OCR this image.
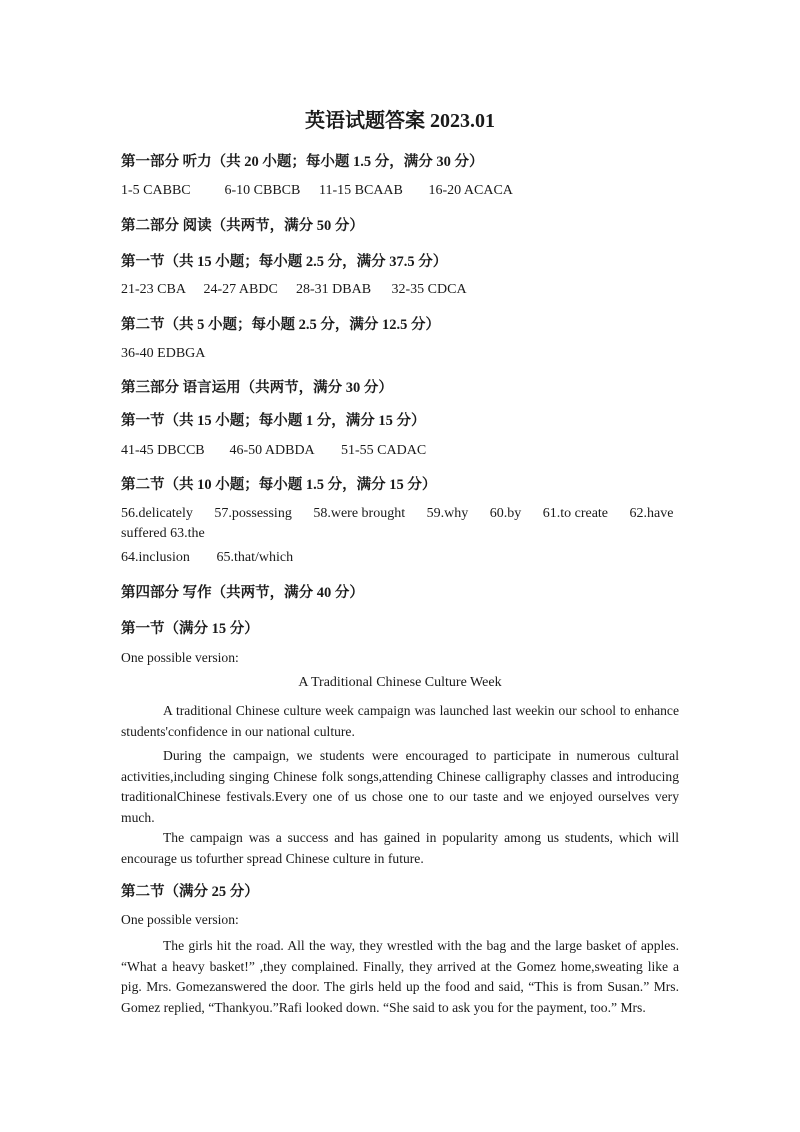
英语试题答案 2023.01
第一部分 听力（共 20 小题；每小题 1.5 分，满分 30 分）
1-5 CABBC 6-10 CBBCB 11-15 BCAAB 16-20 ACACA
第二部分 阅读（共两节，满分 50 分）
第一节（共 15 小题；每小题 2.5 分，满分 37.5 分）
21-23 CBA 24-27 ABDC 28-31 DBAB 32-35 CDCA
第二节（共 5 小题；每小题 2.5 分，满分 12.5 分）
36-40 EDBGA
第三部分 语言运用（共两节，满分 30 分）
第一节（共 15 小题；每小题 1 分，满分 15 分）
41-45 DBCCB 46-50 ADBDA 51-55 CADAC
第二节（共 10 小题；每小题 1.5 分，满分 15 分）
56.delicately 57.possessing 58.were brought 59.why 60.by 61.to create 62.have suffered 63.the
64.inclusion 65.that/which
第四部分 写作（共两节，满分 40 分）
第一节（满分 15 分）
One possible version:
A Traditional Chinese Culture Week
A traditional Chinese culture week campaign was launched last weekin our school to enhance students'confidence in our national culture.
During the campaign, we students were encouraged to participate in numerous cultural activities,including singing Chinese folk songs,attending Chinese calligraphy classes and introducing traditionalChinese festivals.Every one of us chose one to our taste and we enjoyed ourselves very much.
The campaign was a success and has gained in popularity among us students, which will encourage us tofurther spread Chinese culture in future.
第二节（满分 25 分）
One possible version:
The girls hit the road. All the way, they wrestled with the bag and the large basket of apples. “What a heavy basket!” ,they complained. Finally, they arrived at the Gomez home,sweating like a pig. Mrs. Gomezanswered the door. The girls held up the food and said, “This is from Susan.” Mrs. Gomez replied, “Thankyou.”Rafi looked down. “She said to ask you for the payment, too.” Mrs.
